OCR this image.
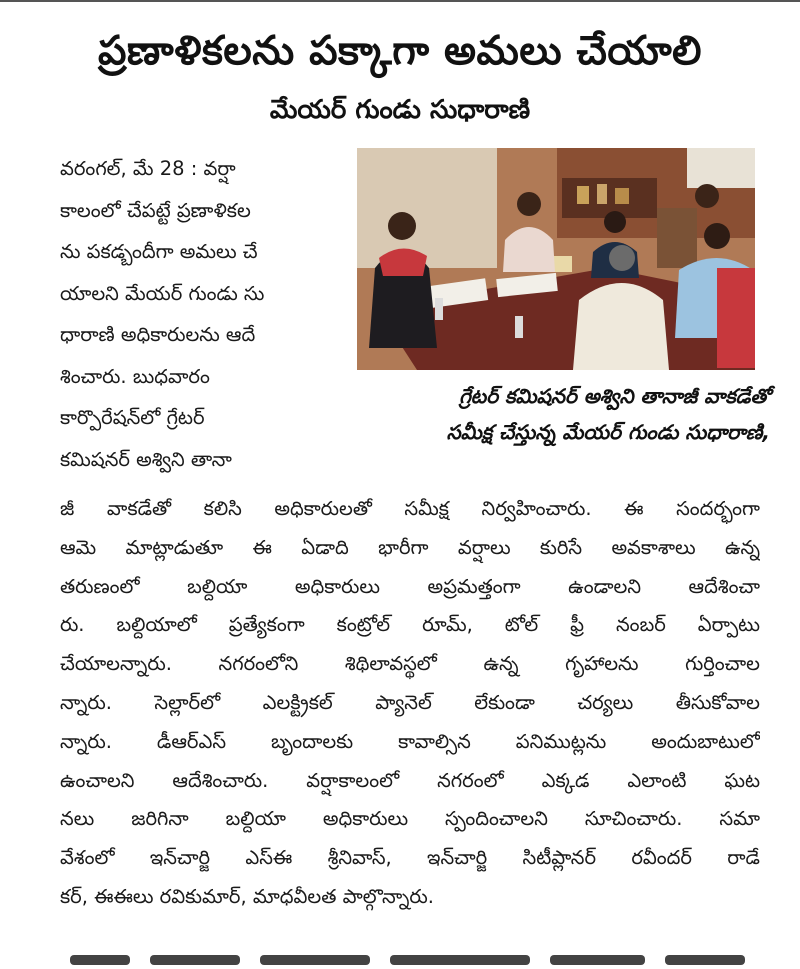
ప్రణాళికలను పక్కాగా అమలు చేయాలి
మేయర్ గుండు సుధారాణి
వరంగల్, మే 28 : వర్షా
కాలంలో చేపట్టే ప్రణాళికల
ను పకడ్బందీగా అమలు చే
యాలని మేయర్ గుండు సు
ధారాణి అధికారులను ఆదే
శించారు. బుధవారం
కార్పొరేషన్‌లో గ్రేటర్
కమిషనర్ అశ్విని తానా
గ్రేటర్ కమిషనర్ అశ్విని తానాజీ వాకడేతో
సమీక్ష చేస్తున్న మేయర్ గుండు సుధారాణి,
జీ వాకడేతో కలిసి అధికారులతో సమీక్ష నిర్వహించారు. ఈ సందర్భంగా
ఆమె మాట్లాడుతూ ఈ ఏడాది భారీగా వర్షాలు కురిసే అవకాశాలు ఉన్న
తరుణంలో బల్దియా అధికారులు అప్రమత్తంగా ఉండాలని ఆదేశించా
రు. బల్దియాలో ప్రత్యేకంగా కంట్రోల్ రూమ్, టోల్ ఫ్రీ నంబర్ ఏర్పాటు
చేయాలన్నారు. నగరంలోని శిథిలావస్థలో ఉన్న గృహాలను గుర్తించాల
న్నారు. సెల్లార్‌లో ఎలక్ట్రికల్ ప్యానెల్ లేకుండా చర్యలు తీసుకోవాల
న్నారు. డీఆర్ఎస్ బృందాలకు కావాల్సిన పనిముట్లను అందుబాటులో
ఉంచాలని ఆదేశించారు. వర్షాకాలంలో నగరంలో ఎక్కడ ఎలాంటి ఘట
నలు జరిగినా బల్దియా అధికారులు స్పందించాలని సూచించారు. సమా
వేశంలో ఇన్‌చార్జి ఎస్ఈ శ్రీనివాస్, ఇన్‌చార్జి సిటీప్లానర్ రవీందర్ రాడే
కర్, ఈఈలు రవికుమార్, మాధవీలత పాల్గొన్నారు.
